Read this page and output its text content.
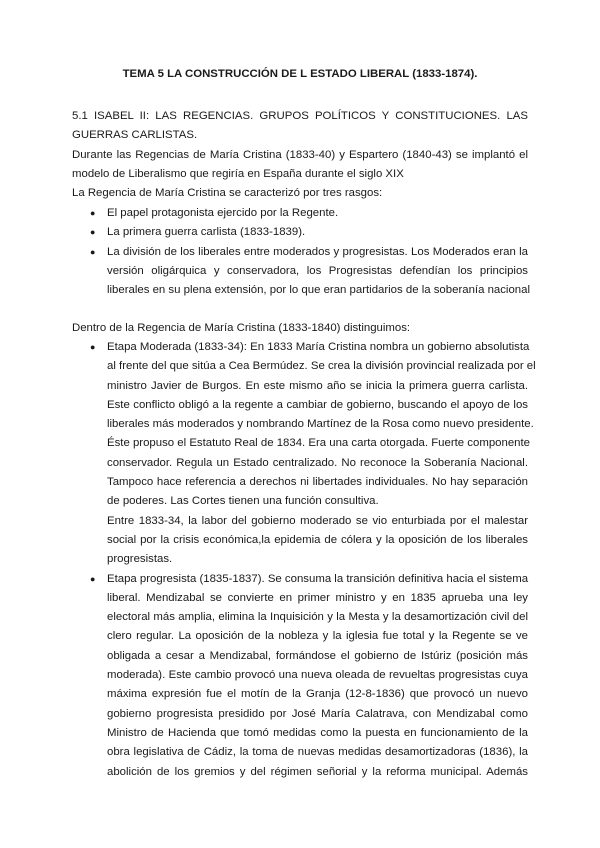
TEMA 5 LA CONSTRUCCIÓN DE L ESTADO LIBERAL (1833-1874).
5.1 ISABEL II: LAS REGENCIAS. GRUPOS POLÍTICOS Y CONSTITUCIONES. LAS
GUERRAS CARLISTAS.
Durante las Regencias de María Cristina (1833-40) y Espartero (1840-43) se implantó el
modelo de Liberalismo que regiría en España durante el siglo XIX
La Regencia de María Cristina se caracterizó por tres rasgos:
●	El papel protagonista ejercido por la Regente.
●	La primera guerra carlista (1833-1839).
●	La división de los liberales entre moderados y progresistas. Los Moderados eran la
versión oligárquica y conservadora, los Progresistas defendían los principios
liberales en su plena extensión, por lo que eran partidarios de la soberanía nacional
Dentro de la Regencia de María Cristina (1833-1840) distinguimos:
●	Etapa Moderada (1833-34): En 1833 María Cristina nombra un gobierno absolutista
al frente del que sitúa a Cea Bermúdez. Se crea la división provincial realizada por el
ministro Javier de Burgos. En este mismo año se inicia la primera guerra carlista.
Este conflicto obligó a la regente a cambiar de gobierno, buscando el apoyo de los
liberales más moderados y nombrando Martínez de la Rosa como nuevo presidente.
Éste propuso el Estatuto Real de 1834. Era una carta otorgada. Fuerte componente
conservador. Regula un Estado centralizado. No reconoce la Soberanía Nacional.
Tampoco hace referencia a derechos ni libertades individuales. No hay separación
de poderes. Las Cortes tienen una función consultiva.
Entre 1833-34, la labor del gobierno moderado se vio enturbiada por el malestar
social por la crisis económica,la epidemia de cólera y la oposición de los liberales
progresistas.
●	Etapa progresista (1835-1837). Se consuma la transición definitiva hacia el sistema
liberal. Mendizabal se convierte en primer ministro y en 1835 aprueba una ley
electoral más amplia, elimina la Inquisición y la Mesta y la desamortización civil del
clero regular. La oposición de la nobleza y la iglesia fue total y la Regente se ve
obligada a cesar a Mendizabal, formándose el gobierno de Istúriz (posición más
moderada). Este cambio provocó una nueva oleada de revueltas progresistas cuya
máxima expresión fue el motín de la Granja (12-8-1836) que provocó un nuevo
gobierno progresista presidido por José María Calatrava, con Mendizabal como
Ministro de Hacienda que tomó medidas como la puesta en funcionamiento de la
obra legislativa de Cádiz, la toma de nuevas medidas desamortizadoras (1836), la
abolición de los gremios y del régimen señorial y la reforma municipal. Además
